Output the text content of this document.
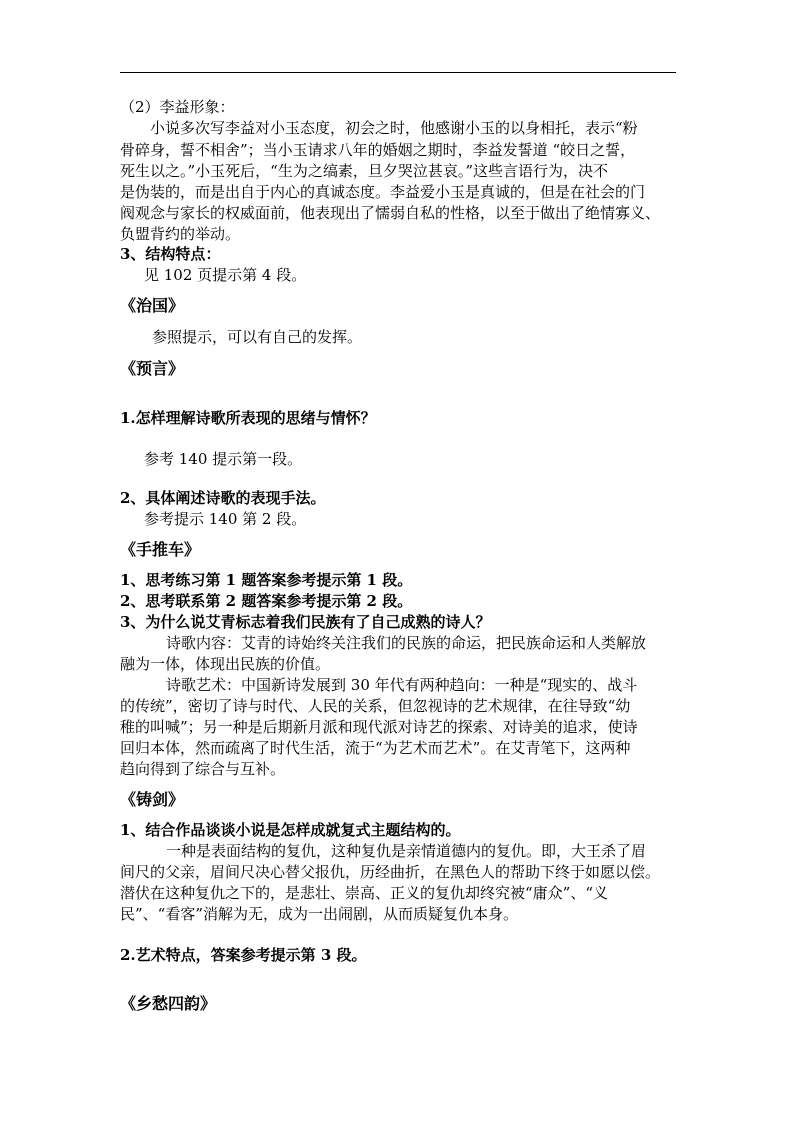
（2）李益形象：
小说多次写李益对小玉态度，初会之时，他感谢小玉的以身相托，表示“粉
骨碎身，誓不相舍”；当小玉请求八年的婚姻之期时，李益发誓道 “皎日之誓，
死生以之。”小玉死后，“生为之缟素，旦夕哭泣甚哀。”这些言语行为，决不
是伪装的，而是出自于内心的真诚态度。李益爱小玉是真诚的，但是在社会的门
阀观念与家长的权威面前，他表现出了懦弱自私的性格，以至于做出了绝情寡义、
负盟背约的举动。
3、结构特点：
见 102 页提示第 4 段。
《治国》
参照提示，可以有自己的发挥。
《预言》
1.怎样理解诗歌所表现的思绪与情怀？
参考 140 提示第一段。
2、具体阐述诗歌的表现手法。
参考提示 140 第 2 段。
《手推车》
1、思考练习第 1 题答案参考提示第 1 段。
2、思考联系第 2 题答案参考提示第 2 段。
3、为什么说艾青标志着我们民族有了自己成熟的诗人？
诗歌内容：艾青的诗始终关注我们的民族的命运，把民族命运和人类解放
融为一体，体现出民族的价值。
诗歌艺术：中国新诗发展到 30 年代有两种趋向：一种是“现实的、战斗
的传统”，密切了诗与时代、人民的关系，但忽视诗的艺术规律，在往导致“幼
稚的叫喊”；另一种是后期新月派和现代派对诗艺的探索、对诗美的追求，使诗
回归本体，然而疏离了时代生活，流于“为艺术而艺术”。在艾青笔下，这两种
趋向得到了综合与互补。
《铸剑》
1、结合作品谈谈小说是怎样成就复式主题结构的。
一种是表面结构的复仇，这种复仇是亲情道德内的复仇。即，大王杀了眉
间尺的父亲，眉间尺决心替父报仇，历经曲折，在黑色人的帮助下终于如愿以偿。
潜伏在这种复仇之下的，是悲壮、崇高、正义的复仇却终究被“庸众”、“义
民”、“看客”消解为无，成为一出闹剧，从而质疑复仇本身。
2.艺术特点，答案参考提示第 3 段。
《乡愁四韵》
